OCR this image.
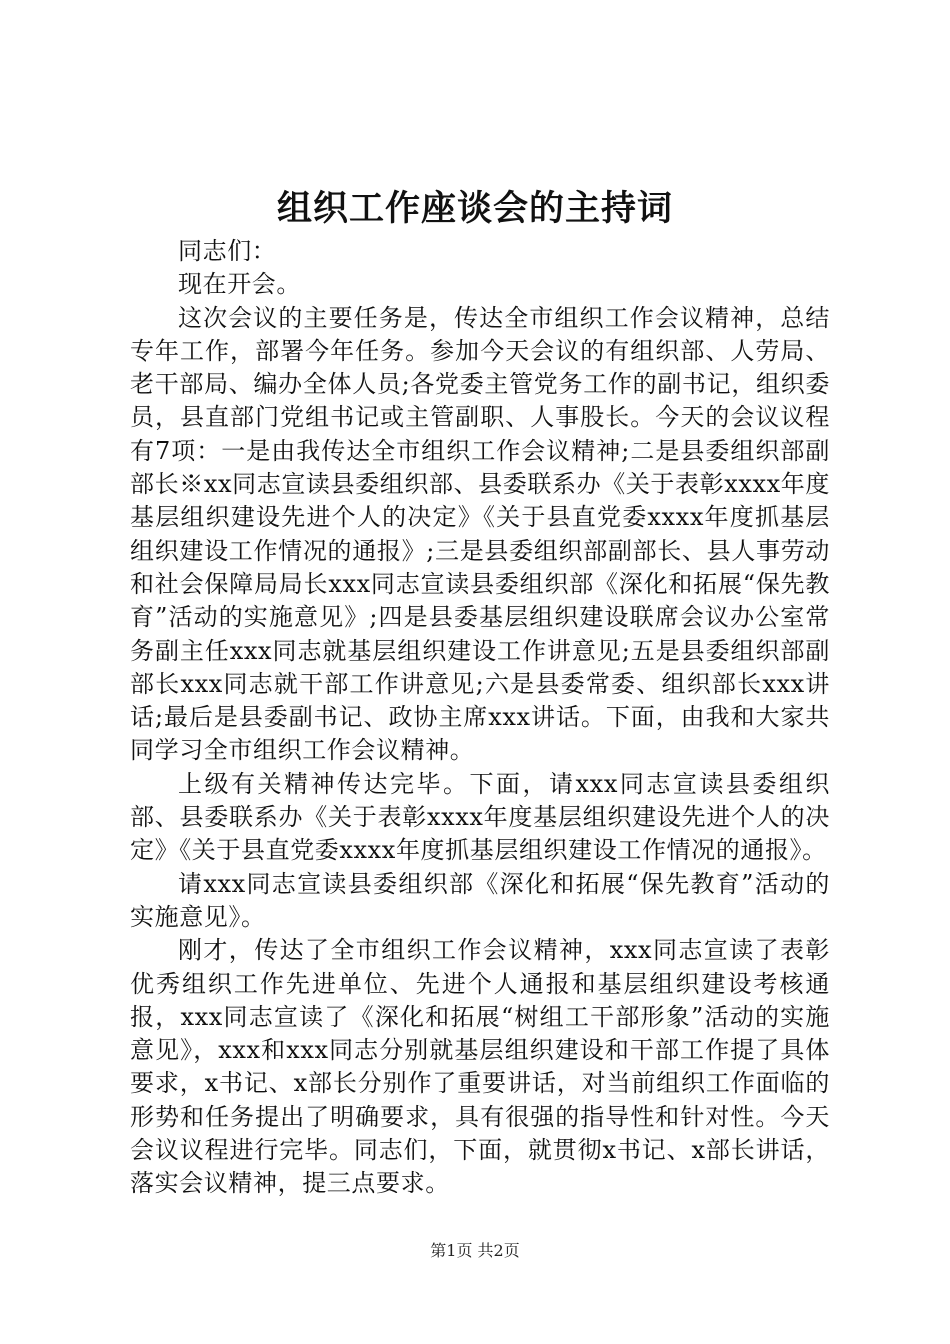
组织工作座谈会的主持词

同志们：

现在开会。

这次会议的主要任务是，传达全市组织工作会议精神，总结专年工作，部署今年任务。参加今天会议的有组织部、人劳局、老干部局、编办全体人员;各党委主管党务工作的副书记，组织委员，县直部门党组书记或主管副职、人事股长。今天的会议议程有7项：一是由我传达全市组织工作会议精神;二是县委组织部副部长※xx同志宣读县委组织部、县委联系办《关于表彰xxxx年度基层组织建设先进个人的决定》《关于县直党委xxxx年度抓基层组织建设工作情况的通报》;三是县委组织部副部长、县人事劳动和社会保障局局长xxx同志宣读县委组织部《深化和拓展“保先教育”活动的实施意见》;四是县委基层组织建设联席会议办公室常务副主任xxx同志就基层组织建设工作讲意见;五是县委组织部副部长xxx同志就干部工作讲意见;六是县委常委、组织部长xxx讲话;最后是县委副书记、政协主席xxx讲话。下面，由我和大家共同学习全市组织工作会议精神。

上级有关精神传达完毕。下面，请xxx同志宣读县委组织部、县委联系办《关于表彰xxxx年度基层组织建设先进个人的决定》《关于县直党委xxxx年度抓基层组织建设工作情况的通报》。

请xxx同志宣读县委组织部《深化和拓展“保先教育”活动的实施意见》。

刚才，传达了全市组织工作会议精神，xxx同志宣读了表彰优秀组织工作先进单位、先进个人通报和基层组织建设考核通报，xxx同志宣读了《深化和拓展“树组工干部形象”活动的实施意见》，xxx和xxx同志分别就基层组织建设和干部工作提了具体要求，x书记、x部长分别作了重要讲话，对当前组织工作面临的形势和任务提出了明确要求，具有很强的指导性和针对性。今天会议议程进行完毕。同志们，下面，就贯彻x书记、x部长讲话，落实会议精神，提三点要求。

第1页 共2页
